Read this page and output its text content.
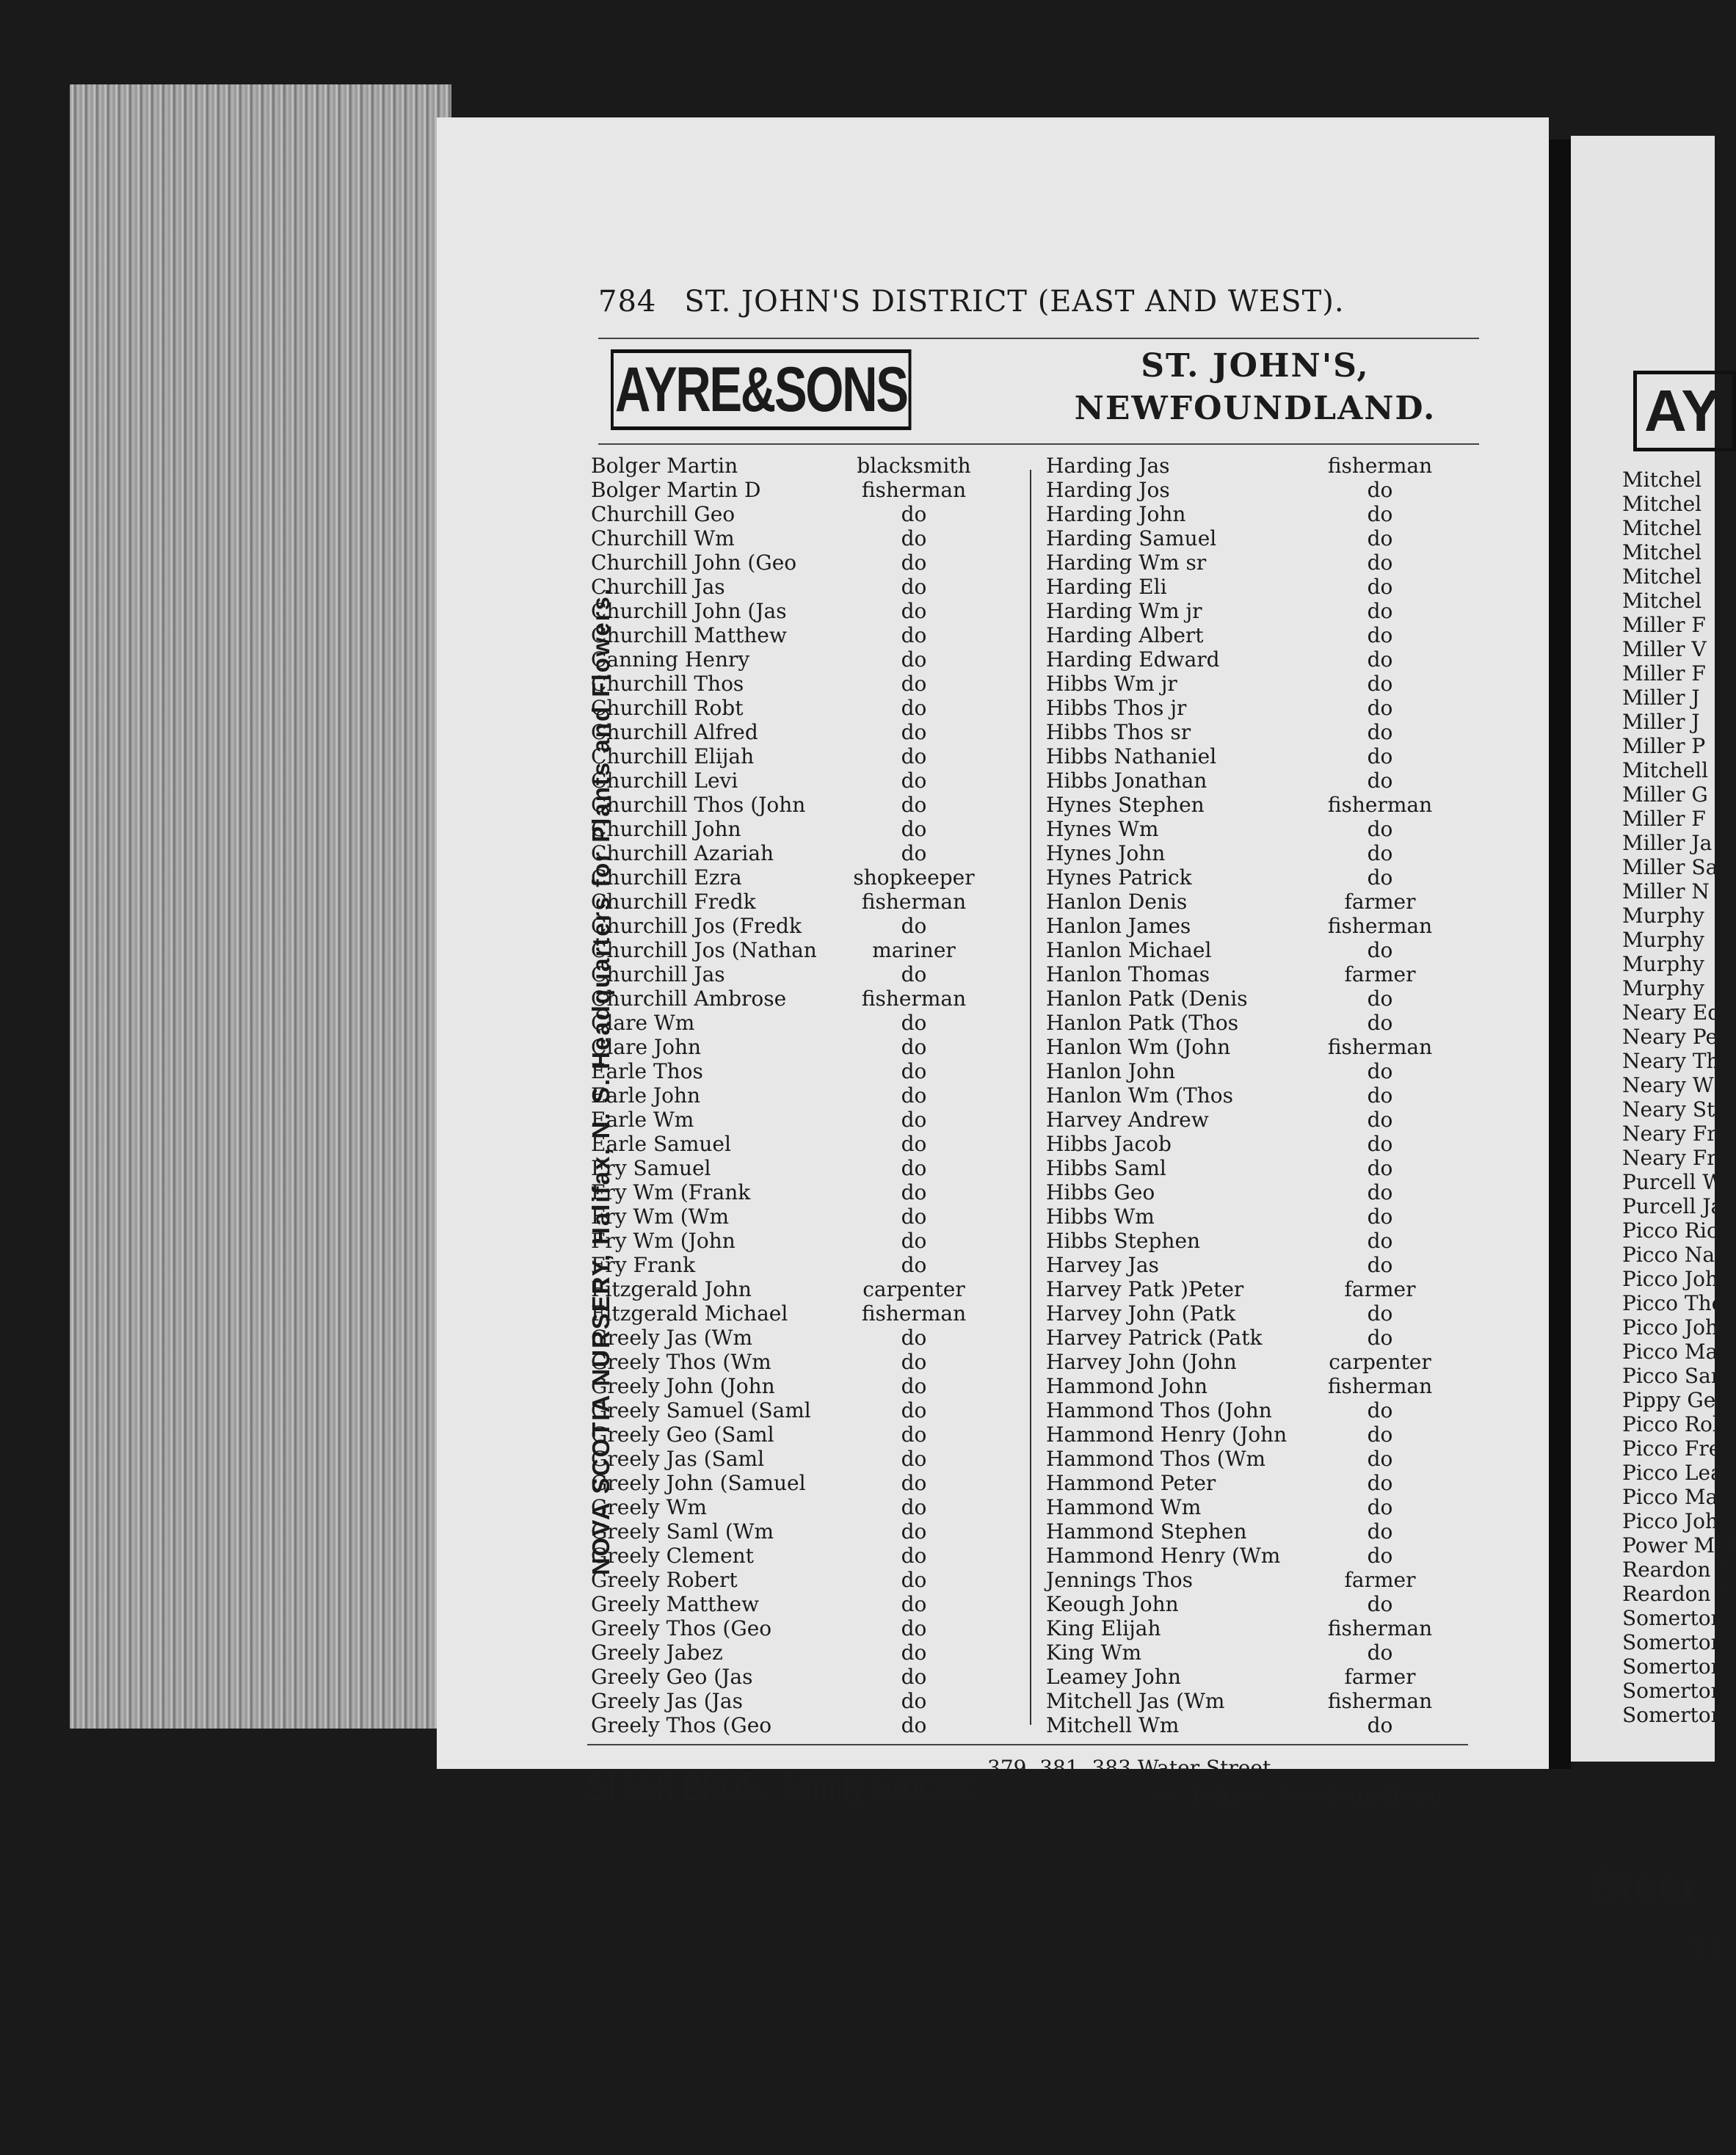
784 ST. JOHN'S DISTRICT (EAST AND WEST).
AYRE&SONS	ST. JOHN'S,
NEWFOUNDLAND.
NOVA SCOTIA NURSERY, Halifax, N. S. Headquarters for Plants and Flowers.
Bolger Martin	blacksmith
Bolger Martin D	fisherman
Churchill Geo	do
Churchill Wm	do
Churchill John (Geo	do
Churchill Jas	do
Churchill John (Jas	do
Churchill Matthew	do
Canning Henry	do
Churchill Thos	do
Churchill Robt	do
Churchill Alfred	do
Churchill Elijah	do
Churchill Levi	do
Churchill Thos (John	do
Churchill John	do
Churchill Azariah	do
Churchill Ezra	shopkeeper
Churchill Fredk	fisherman
Churchill Jos (Fredk	do
Churchill Jos (Nathan	mariner
Churchill Jas	do
Churchill Ambrose	fisherman
Clare Wm	do
Clare John	do
Earle Thos	do
Earle John	do
Earle Wm	do
Earle Samuel	do
Fry Samuel	do
Fry Wm (Frank	do
Fry Wm (Wm	do
Fry Wm (John	do
Fry Frank	do
Fitzgerald John	carpenter
Fitzgerald Michael	fisherman
Greely Jas (Wm	do
Greely Thos (Wm	do
Greely John (John	do
Greely Samuel (Saml	do
Greely Geo (Saml	do
Greely Jas (Saml	do
Greely John (Samuel	do
Greely Wm	do
Greely Saml (Wm	do
Greely Clement	do
Greely Robert	do
Greely Matthew	do
Greely Thos (Geo	do
Greely Jabez	do
Greely Geo (Jas	do
Greely Jas (Jas	do
Greely Thos (Geo	do
Harding Jas	fisherman
Harding Jos	do
Harding John	do
Harding Samuel	do
Harding Wm sr	do
Harding Eli	do
Harding Wm jr	do
Harding Albert	do
Harding Edward	do
Hibbs Wm jr	do
Hibbs Thos jr	do
Hibbs Thos sr	do
Hibbs Nathaniel	do
Hibbs Jonathan	do
Hynes Stephen	fisherman
Hynes Wm	do
Hynes John	do
Hynes Patrick	do
Hanlon Denis	farmer
Hanlon James	fisherman
Hanlon Michael	do
Hanlon Thomas	farmer
Hanlon Patk (Denis	do
Hanlon Patk (Thos	do
Hanlon Wm (John	fisherman
Hanlon John	do
Hanlon Wm (Thos	do
Harvey Andrew	do
Hibbs Jacob	do
Hibbs Saml	do
Hibbs Geo	do
Hibbs Wm	do
Hibbs Stephen	do
Harvey Jas	do
Harvey Patk )Peter	farmer
Harvey John (Patk	do
Harvey Patrick (Patk	do
Harvey John (John	carpenter
Hammond John	fisherman
Hammond Thos (John	do
Hammond Henry (John	do
Hammond Thos (Wm	do
Hammond Peter	do
Hammond Wm	do
Hammond Stephen	do
Hammond Henry (Wm	do
Jennings Thos	farmer
Keough John	do
King Elijah	fisherman
King Wm	do
Leamey John	farmer
Mitchell Jas (Wm	fisherman
Mitchell Wm	do
STEER BROS., Family Grocers, 379, 381, 383 Water Street,
St. John's, Newfoundland
AY
Mitchel
Mitchel
Mitchel
Mitchel
Mitchel
Mitchel
Miller F
Miller V
Miller F
Miller J
Miller J
Miller P
Mitchell
Miller G
Miller F
Miller Ja
Miller Sa
Miller N
Murphy
Murphy
Murphy
Murphy
Neary Ed
Neary Pe
Neary Th
Neary W
Neary St
Neary Fr
Neary Fr
Purcell W
Purcell Ja
Picco Ric
Picco Nat
Picco Joh
Picco Tho
Picco Joh
Picco Mar
Picco San
Pippy Ge
Picco Rob
Picco Fre
Picco Lea
Picco Mar
Picco Joh
Power Mat
Reardon T
Reardon A
Somerton
Somerton
Somerton
Somerton
Somerton
Steer
51
